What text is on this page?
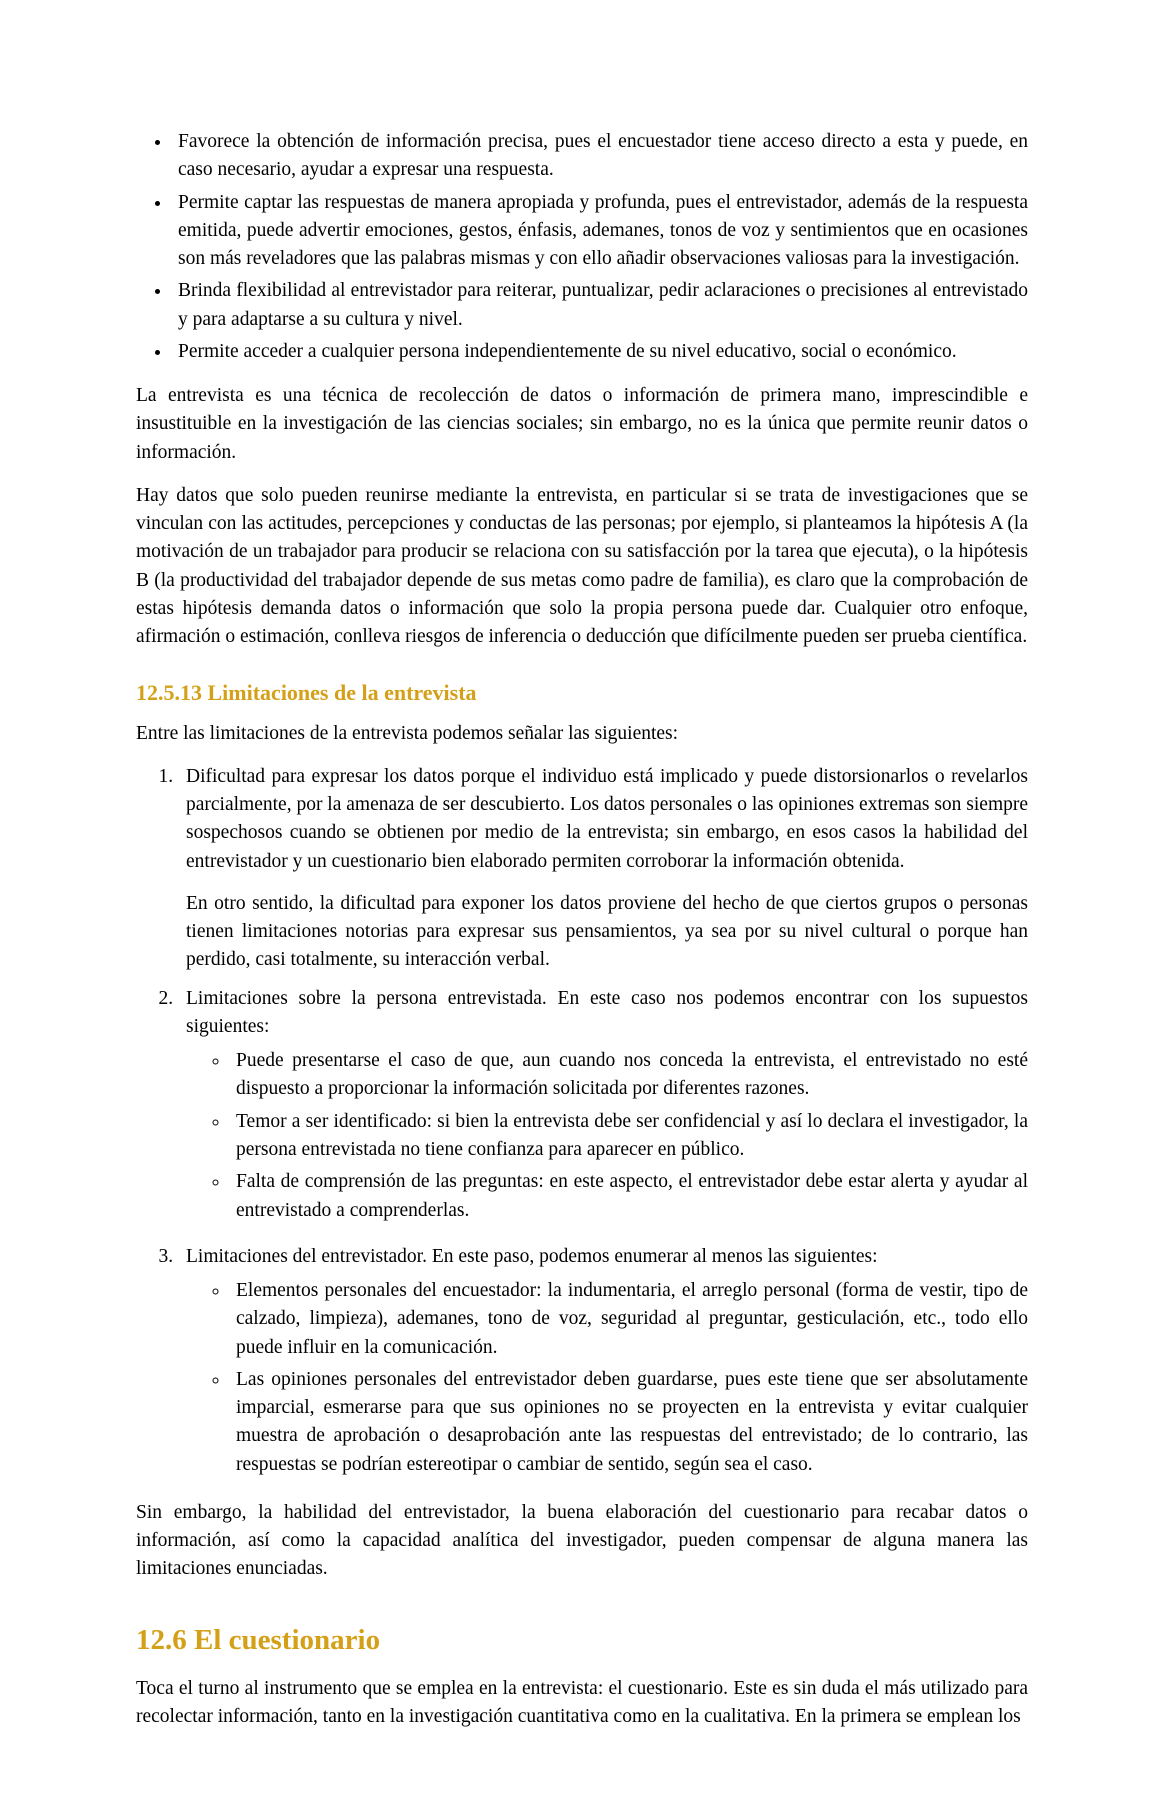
• Favorece la obtención de información precisa, pues el encuestador tiene acceso directo a esta y puede, en caso necesario, ayudar a expresar una respuesta.
• Permite captar las respuestas de manera apropiada y profunda, pues el entrevistador, además de la respuesta emitida, puede advertir emociones, gestos, énfasis, ademanes, tonos de voz y sentimientos que en ocasiones son más reveladores que las palabras mismas y con ello añadir observaciones valiosas para la investigación.
• Brinda flexibilidad al entrevistador para reiterar, puntualizar, pedir aclaraciones o precisiones al entrevistado y para adaptarse a su cultura y nivel.
• Permite acceder a cualquier persona independientemente de su nivel educativo, social o económico.

La entrevista es una técnica de recolección de datos o información de primera mano, imprescindible e insustituible en la investigación de las ciencias sociales; sin embargo, no es la única que permite reunir datos o información.

Hay datos que solo pueden reunirse mediante la entrevista, en particular si se trata de investigaciones que se vinculan con las actitudes, percepciones y conductas de las personas; por ejemplo, si planteamos la hipótesis A (la motivación de un trabajador para producir se relaciona con su satisfacción por la tarea que ejecuta), o la hipótesis B (la productividad del trabajador depende de sus metas como padre de familia), es claro que la comprobación de estas hipótesis demanda datos o información que solo la propia persona puede dar. Cualquier otro enfoque, afirmación o estimación, conlleva riesgos de inferencia o deducción que difícilmente pueden ser prueba científica.

12.5.13 Limitaciones de la entrevista

Entre las limitaciones de la entrevista podemos señalar las siguientes:

1. Dificultad para expresar los datos porque el individuo está implicado y puede distorsionarlos o revelarlos parcialmente, por la amenaza de ser descubierto. Los datos personales o las opiniones extremas son siempre sospechosos cuando se obtienen por medio de la entrevista; sin embargo, en esos casos la habilidad del entrevistador y un cuestionario bien elaborado permiten corroborar la información obtenida.

En otro sentido, la dificultad para exponer los datos proviene del hecho de que ciertos grupos o personas tienen limitaciones notorias para expresar sus pensamientos, ya sea por su nivel cultural o porque han perdido, casi totalmente, su interacción verbal.

2. Limitaciones sobre la persona entrevistada. En este caso nos podemos encontrar con los supuestos siguientes:
◦ Puede presentarse el caso de que, aun cuando nos conceda la entrevista, el entrevistado no esté dispuesto a proporcionar la información solicitada por diferentes razones.
◦ Temor a ser identificado: si bien la entrevista debe ser confidencial y así lo declara el investigador, la persona entrevistada no tiene confianza para aparecer en público.
◦ Falta de comprensión de las preguntas: en este aspecto, el entrevistador debe estar alerta y ayudar al entrevistado a comprenderlas.
3. Limitaciones del entrevistador. En este paso, podemos enumerar al menos las siguientes:
◦ Elementos personales del encuestador: la indumentaria, el arreglo personal (forma de vestir, tipo de calzado, limpieza), ademanes, tono de voz, seguridad al preguntar, gesticulación, etc., todo ello puede influir en la comunicación.
◦ Las opiniones personales del entrevistador deben guardarse, pues este tiene que ser absolutamente imparcial, esmerarse para que sus opiniones no se proyecten en la entrevista y evitar cualquier muestra de aprobación o desaprobación ante las respuestas del entrevistado; de lo contrario, las respuestas se podrían estereotipar o cambiar de sentido, según sea el caso.

Sin embargo, la habilidad del entrevistador, la buena elaboración del cuestionario para recabar datos o información, así como la capacidad analítica del investigador, pueden compensar de alguna manera las limitaciones enunciadas.

12.6 El cuestionario

Toca el turno al instrumento que se emplea en la entrevista: el cuestionario. Este es sin duda el más utilizado para recolectar información, tanto en la investigación cuantitativa como en la cualitativa. En la primera se emplean los
